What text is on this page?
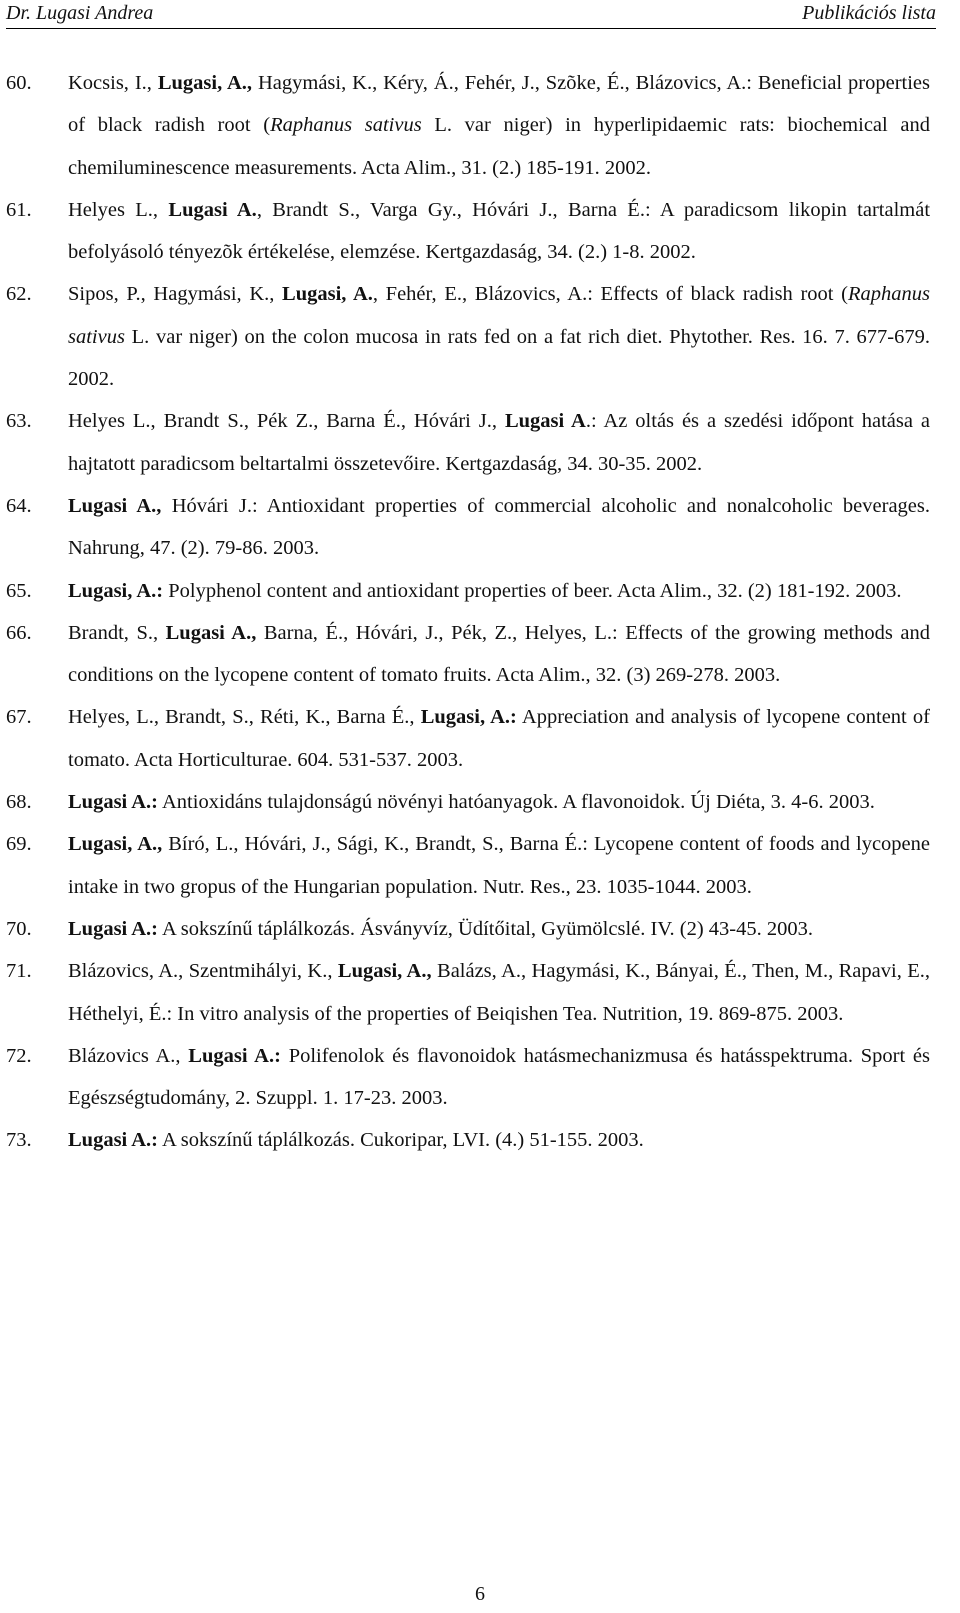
Dr. Lugasi Andrea	Publikációs lista
60. Kocsis, I., Lugasi, A., Hagymási, K., Kéry, Á., Fehér, J., Szõke, É., Blázovics, A.: Beneficial properties of black radish root (Raphanus sativus L. var niger) in hyperlipidaemic rats: biochemical and chemiluminescence measurements. Acta Alim., 31. (2.) 185-191. 2002.
61. Helyes L., Lugasi A., Brandt S., Varga Gy., Hóvári J., Barna É.: A paradicsom likopin tartalmát befolyásoló tényezõk értékelése, elemzése. Kertgazdaság, 34. (2.) 1-8. 2002.
62. Sipos, P., Hagymási, K., Lugasi, A., Fehér, E., Blázovics, A.: Effects of black radish root (Raphanus sativus L. var niger) on the colon mucosa in rats fed on a fat rich diet. Phytother. Res. 16. 7. 677-679. 2002.
63. Helyes L., Brandt S., Pék Z., Barna É., Hóvári J., Lugasi A.: Az oltás és a szedési időpont hatása a hajtatott paradicsom beltartalmi összetevőire. Kertgazdaság, 34. 30-35. 2002.
64. Lugasi A., Hóvári J.: Antioxidant properties of commercial alcoholic and nonalcoholic beverages. Nahrung, 47. (2). 79-86. 2003.
65. Lugasi, A.: Polyphenol content and antioxidant properties of beer. Acta Alim., 32. (2) 181-192. 2003.
66. Brandt, S., Lugasi A., Barna, É., Hóvári, J., Pék, Z., Helyes, L.: Effects of the growing methods and conditions on the lycopene content of tomato fruits. Acta Alim., 32. (3) 269-278. 2003.
67. Helyes, L., Brandt, S., Réti, K., Barna É., Lugasi, A.: Appreciation and analysis of lycopene content of tomato. Acta Horticulturae. 604. 531-537. 2003.
68. Lugasi A.: Antioxidáns tulajdonságú növényi hatóanyagok. A flavonoidok. Új Diéta, 3. 4-6. 2003.
69. Lugasi, A., Bíró, L., Hóvári, J., Sági, K., Brandt, S., Barna É.: Lycopene content of foods and lycopene intake in two gropus of the Hungarian population. Nutr. Res., 23. 1035-1044. 2003.
70. Lugasi A.: A sokszínű táplálkozás. Ásványvíz, Üdítőital, Gyümölcslé. IV. (2) 43-45. 2003.
71. Blázovics, A., Szentmihályi, K., Lugasi, A., Balázs, A., Hagymási, K., Bányai, É., Then, M., Rapavi, E., Héthelyi, É.: In vitro analysis of the properties of Beiqishen Tea. Nutrition, 19. 869-875. 2003.
72. Blázovics A., Lugasi A.: Polifenolok és flavonoidok hatásmechanizmusa és hatásspektruma. Sport és Egészségtudomány, 2. Szuppl. 1. 17-23. 2003.
73. Lugasi A.: A sokszínű táplálkozás. Cukoripar, LVI. (4.) 51-155. 2003.
6
